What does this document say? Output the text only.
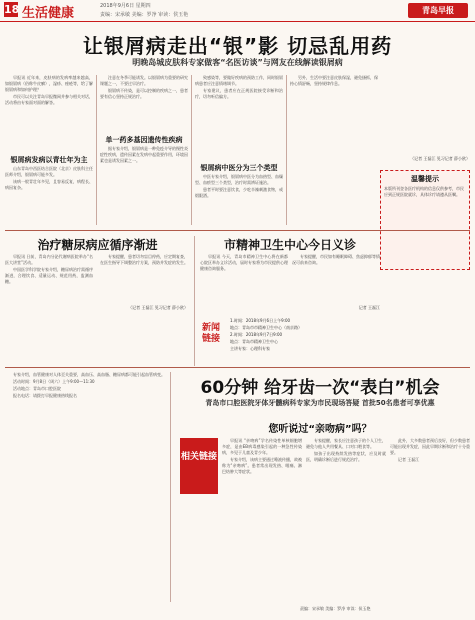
18 生活健康	2018年9月6日 星期四
责编：宋承敏 美编：罗净 审读：侯玉艳	青岛早报
让银屑病走出“银”影 切忌乱用药
明晚岛城皮肤科专家做客“名医访谈”与网友在线解读银屑病

早报讯 近年来，皮肤病的发病率越来越高，如银屑病（俗称牛皮癣），湿疹、痤疮等，给了解银屑病和如何护理？

市民可以关注青岛早报微网并参与相关对话，活动将由专家面对面的解答。

银屑病发病以青壮年为主

山东青岛中西医结合医院（北京）皮肤科主任医师介绍，银屑病可能多发。

该病一般青壮年多见，且容易反复，病程长、病因复杂。

注意在冬季可能诱发。以银屑病为重要的研究课题之一，不要过早治疗。

银屑病不传染，是可以控制的疾病之一，患者要有信心坚持正规治疗。

单一药多基因遗传性疾病

据专家介绍，银屑病是一种免疫介导的慢性炎症性疾病，遗传因素在发病中起重要作用，环境因素也是诱发因素之一。

致感染等，要做好疾病的预防工作，同时银屑病患者应注意情绪调节。

专家建议，患者应在正规医院接受诊断和治疗，切勿听信偏方。

银屑病中医分为三个类型

中医专家介绍，银屑病中医分为血热型、血燥型、血瘀型三个类型，治疗时需辨证施治。

患者平时要注意饮食，少吃辛辣刺激食物，戒烟限酒。

另外，生活中要注意皮肤保湿，避免搔抓，保持心情舒畅，坚持规律作息。

（记者 王磊江 见习记者 薛小欧）
温馨提示
本版所刊登各医疗机构的信息仅供参考，市民应到正规医院就诊，具体诊疗请遵从医嘱。
治疗糖尿病应循序渐进

早报讯 日前，青岛内分泌代谢病医院举办“名医大讲堂”活动。

中国医学科学院专家介绍，糖尿病治疗需循序渐进，合理饮食、适量运动、规范用药，监测血糖。

专家提醒，患者切勿盲目停药，应定期复查，在医生指导下调整治疗方案，预防并发症的发生。

（记者 王磊江 见习记者 薛小欧）
市精神卫生中心今日义诊

早报讯 今天，青岛市精神卫生中心将在新都心院区举办义诊活动，届时专家将为市民提供心理健康咨询服务。

专家提醒，市民如有睡眠障碍、焦虑抑郁等情况可前来咨询。

记者 王磊江
新闻链接
1.时间：2018年9月6日上午9:00
地点：青岛市市精神卫生中心（南京路）
2.时间：2018年9月7日9:00
地点：青岛市精神卫生中心
主讲专家：心理科专家

专家介绍，血管健康对人体至关重要，高血压、高血脂、糖尿病都可能引起血管病变。

活动时间：9月8日（周六）上午9:00—11:30

活动地点：青岛市口腔医院

报名电话：请拨打早报健康热线报名	60分钟 给牙齿一次“表白”机会
青岛市口腔医院牙体牙髓病科专家为市民现场答疑 首批50名患者可享优惠
您听说过“亲吻病”吗？
相关链接

早报讯 “亲吻病”学名传染性单核细胞增多症，是由EB病毒感染引起的一种急性传染病，多见于儿童及青少年。

专家介绍，该病主要通过唾液传播，故被称为“亲吻病”。患者常出现发热、咽痛、淋巴结肿大等症状。

专家提醒，家长应注意孩子的个人卫生，避免与他人共用餐具、口对口喂食等。

如孩子出现持续发热等症状，应及时就医，明确诊断后进行规范治疗。

此外，大多数患者预后良好，但少数患者可能出现并发症，因此早期诊断和治疗十分重要。

记者 王磊江

责编：宋承敏 美编：罗净 审读：侯玉艳
